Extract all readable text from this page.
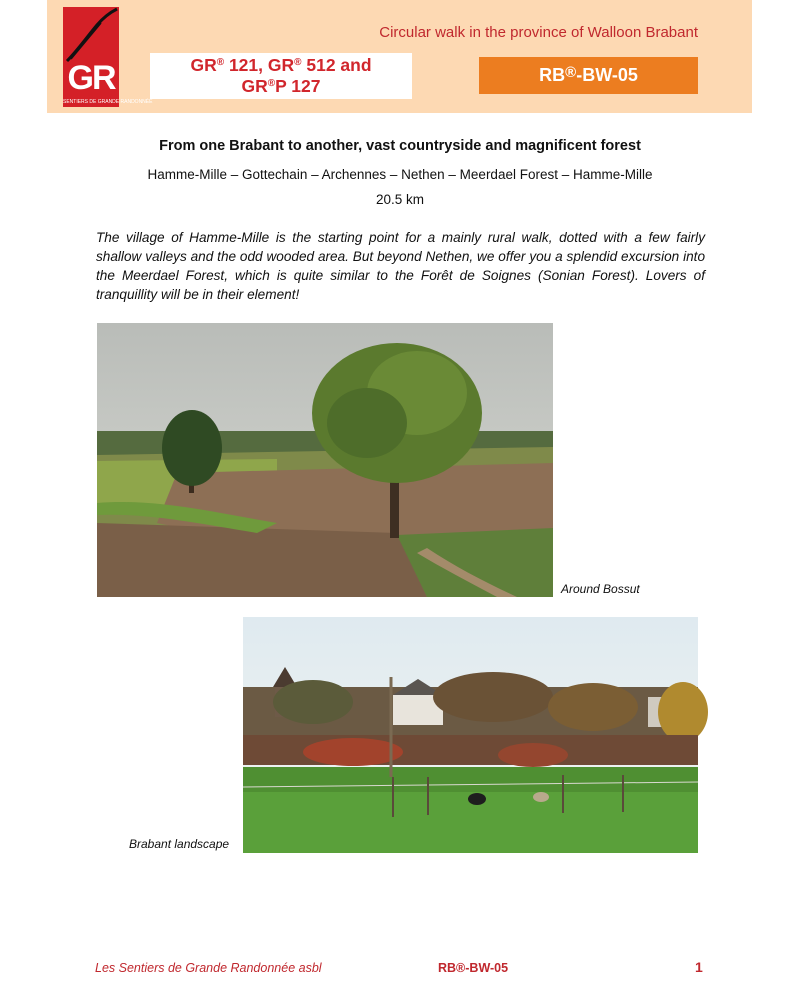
GR
SENTIERS DE GRANDE RANDONNÉE
Circular walk in the province of Walloon Brabant
GR® 121, GR® 512 and
GR®P 127
RB®-BW-05
From one Brabant to another, vast countryside and magnificent forest
Hamme-Mille – Gottechain – Archennes – Nethen – Meerdael Forest – Hamme-Mille
20.5 km

The village of Hamme-Mille is the starting point for a mainly rural walk, dotted with a few fairly shallow valleys and the odd wooded area. But beyond Nethen, we offer you a splendid excursion into the Meerdael Forest, which is quite similar to the Forêt de Soignes (Sonian Forest). Lovers of tranquillity will be in their element!

Around Bossut
Brabant landscape
Les Sentiers de Grande Randonnée asbl	RB®-BW-05	1
